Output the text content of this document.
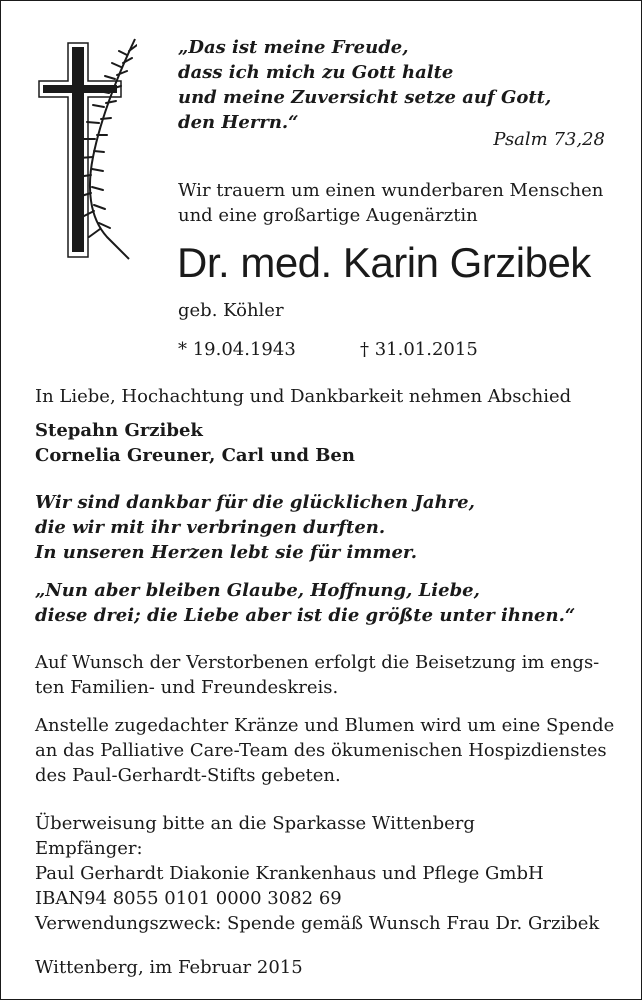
„Das ist meine Freude,
dass ich mich zu Gott halte
und meine Zuversicht setze auf Gott,
den Herrn.“
Psalm 73,28
Wir trauern um einen wunderbaren Menschen
und eine großartige Augenärztin
Dr. med. Karin Grzibek
geb. Köhler
* 19.04.1943	† 31.01.2015
In Liebe, Hochachtung und Dankbarkeit nehmen Abschied
Stepahn Grzibek
Cornelia Greuner, Carl und Ben
Wir sind dankbar für die glücklichen Jahre,
die wir mit ihr verbringen durften.
In unseren Herzen lebt sie für immer.
„Nun aber bleiben Glaube, Hoffnung, Liebe,
diese drei; die Liebe aber ist die größte unter ihnen.“
Auf Wunsch der Verstorbenen erfolgt die Beisetzung im engs-
ten Familien- und Freundeskreis.
Anstelle zugedachter Kränze und Blumen wird um eine Spende
an das Palliative Care-Team des ökumenischen Hospizdienstes
des Paul-Gerhardt-Stifts gebeten.
Überweisung bitte an die Sparkasse Wittenberg
Empfänger:
Paul Gerhardt Diakonie Krankenhaus und Pflege GmbH
IBAN94 8055 0101 0000 3082 69
Verwendungszweck: Spende gemäß Wunsch Frau Dr. Grzibek
Wittenberg, im Februar 2015
